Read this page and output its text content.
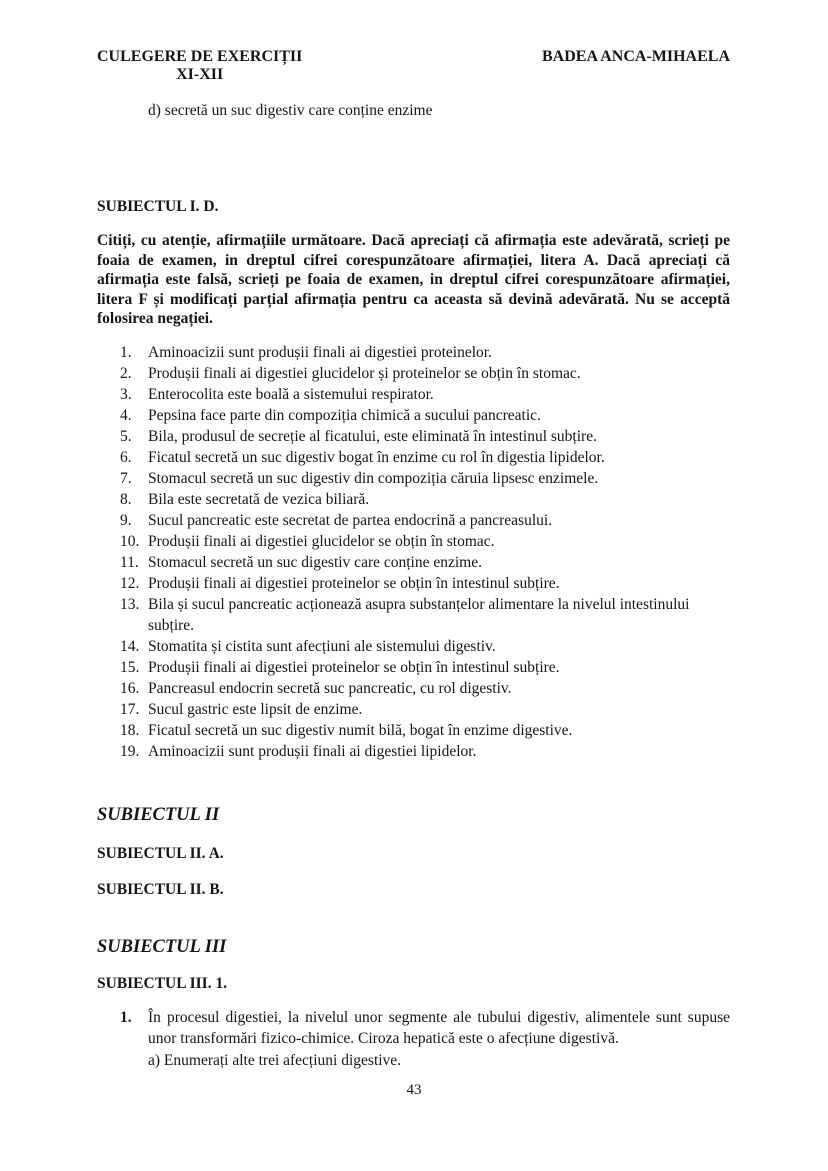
CULEGERE DE EXERCIȚII
XI-XII
BADEA ANCA-MIHAELA
d) secretă un suc digestiv care conține enzime
SUBIECTUL I. D.

Citiți, cu atenție, afirmațiile următoare. Dacă apreciați că afirmația este adevărată, scrieți pe foaia de examen, in dreptul cifrei corespunzătoare afirmației, litera A. Dacă apreciați că afirmația este falsă, scrieți pe foaia de examen, in dreptul cifrei corespunzătoare afirmației, litera F și modificați parțial afirmația pentru ca aceasta să devină adevărată. Nu se acceptă folosirea negației.

1.	Aminoacizii sunt produșii finali ai digestiei proteinelor.
2.	Produșii finali ai digestiei glucidelor și proteinelor se obțin în stomac.
3.	Enterocolita este boală a sistemului respirator.
4.	Pepsina face parte din compoziția chimică a sucului pancreatic.
5.	Bila, produsul de secreție al ficatului, este eliminată în intestinul subțire.
6.	Ficatul secretă un suc digestiv bogat în enzime cu rol în digestia lipidelor.
7.	Stomacul secretă un suc digestiv din compoziția căruia lipsesc enzimele.
8.	Bila este secretată de vezica biliară.
9.	Sucul pancreatic este secretat de partea endocrină a pancreasului.
10. Produșii finali ai digestiei glucidelor se obțin în stomac.
11. Stomacul secretă un suc digestiv care conține enzime.
12. Produșii finali ai digestiei proteinelor se obțin în intestinul subțire.
13. Bila și sucul pancreatic acționează asupra substanțelor alimentare la nivelul intestinului subțire.
14. Stomatita și cistita sunt afecțiuni ale sistemului digestiv.
15. Produșii finali ai digestiei proteinelor se obțin în intestinul subțire.
16. Pancreasul endocrin secretă suc pancreatic, cu rol digestiv.
17. Sucul gastric este lipsit de enzime.
18. Ficatul secretă un suc digestiv numit bilă, bogat în enzime digestive.
19. Aminoacizii sunt produșii finali ai digestiei lipidelor.
SUBIECTUL II
SUBIECTUL II. A.
SUBIECTUL II. B.
SUBIECTUL III
SUBIECTUL III. 1.
1.	În procesul digestiei, la nivelul unor segmente ale tubului digestiv, alimentele sunt supuse unor transformări fizico-chimice. Ciroza hepatică este o afecțiune digestivă.
a) Enumerați alte trei afecțiuni digestive.
43
